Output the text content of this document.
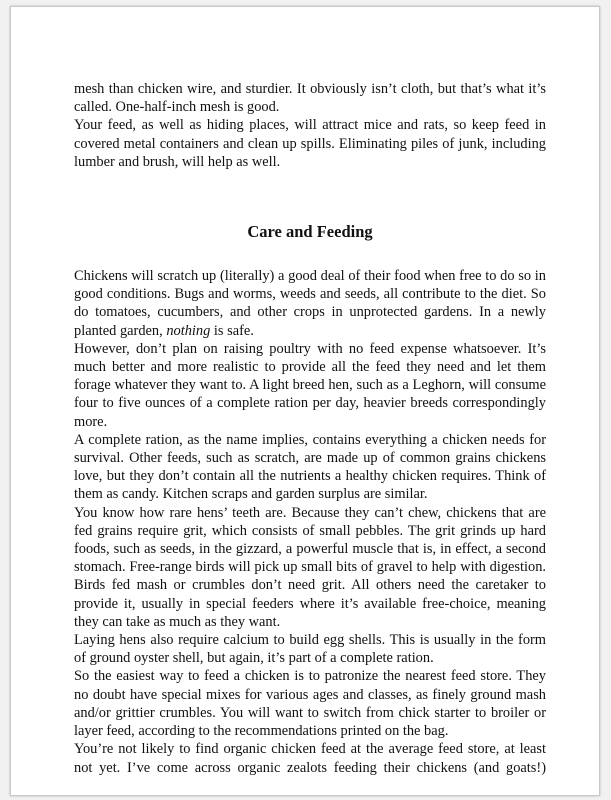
mesh than chicken wire, and sturdier. It obviously isn’t cloth, but that’s what it’s called. One-half-inch mesh is good.

Your feed, as well as hiding places, will attract mice and rats, so keep feed in covered metal containers and clean up spills. Eliminating piles of junk, including lumber and brush, will help as well.

Care and Feeding

Chickens will scratch up (literally) a good deal of their food when free to do so in good conditions. Bugs and worms, weeds and seeds, all contribute to the diet. So do tomatoes, cucumbers, and other crops in unprotected gardens. In a newly planted garden, nothing is safe.

However, don’t plan on raising poultry with no feed expense whatsoever. It’s much better and more realistic to provide all the feed they need and let them forage whatever they want to. A light breed hen, such as a Leghorn, will consume four to five ounces of a complete ration per day, heavier breeds correspondingly more.

A complete ration, as the name implies, contains everything a chicken needs for survival. Other feeds, such as scratch, are made up of common grains chickens love, but they don’t contain all the nutrients a healthy chicken requires. Think of them as candy. Kitchen scraps and garden surplus are similar.

You know how rare hens’ teeth are. Because they can’t chew, chickens that are fed grains require grit, which consists of small pebbles. The grit grinds up hard foods, such as seeds, in the gizzard, a powerful muscle that is, in effect, a second stomach. Free-range birds will pick up small bits of gravel to help with digestion. Birds fed mash or crumbles don’t need grit. All others need the caretaker to provide it, usually in special feeders where it’s available free-choice, meaning they can take as much as they want.

Laying hens also require calcium to build egg shells. This is usually in the form of ground oyster shell, but again, it’s part of a complete ration.

So the easiest way to feed a chicken is to patronize the nearest feed store. They no doubt have special mixes for various ages and classes, as finely ground mash and/or grittier crumbles. You will want to switch from chick starter to broiler or layer feed, according to the recommendations printed on the bag.

You’re not likely to find organic chicken feed at the average feed store, at least not yet. I’ve come across organic zealots feeding their chickens (and goats!)
